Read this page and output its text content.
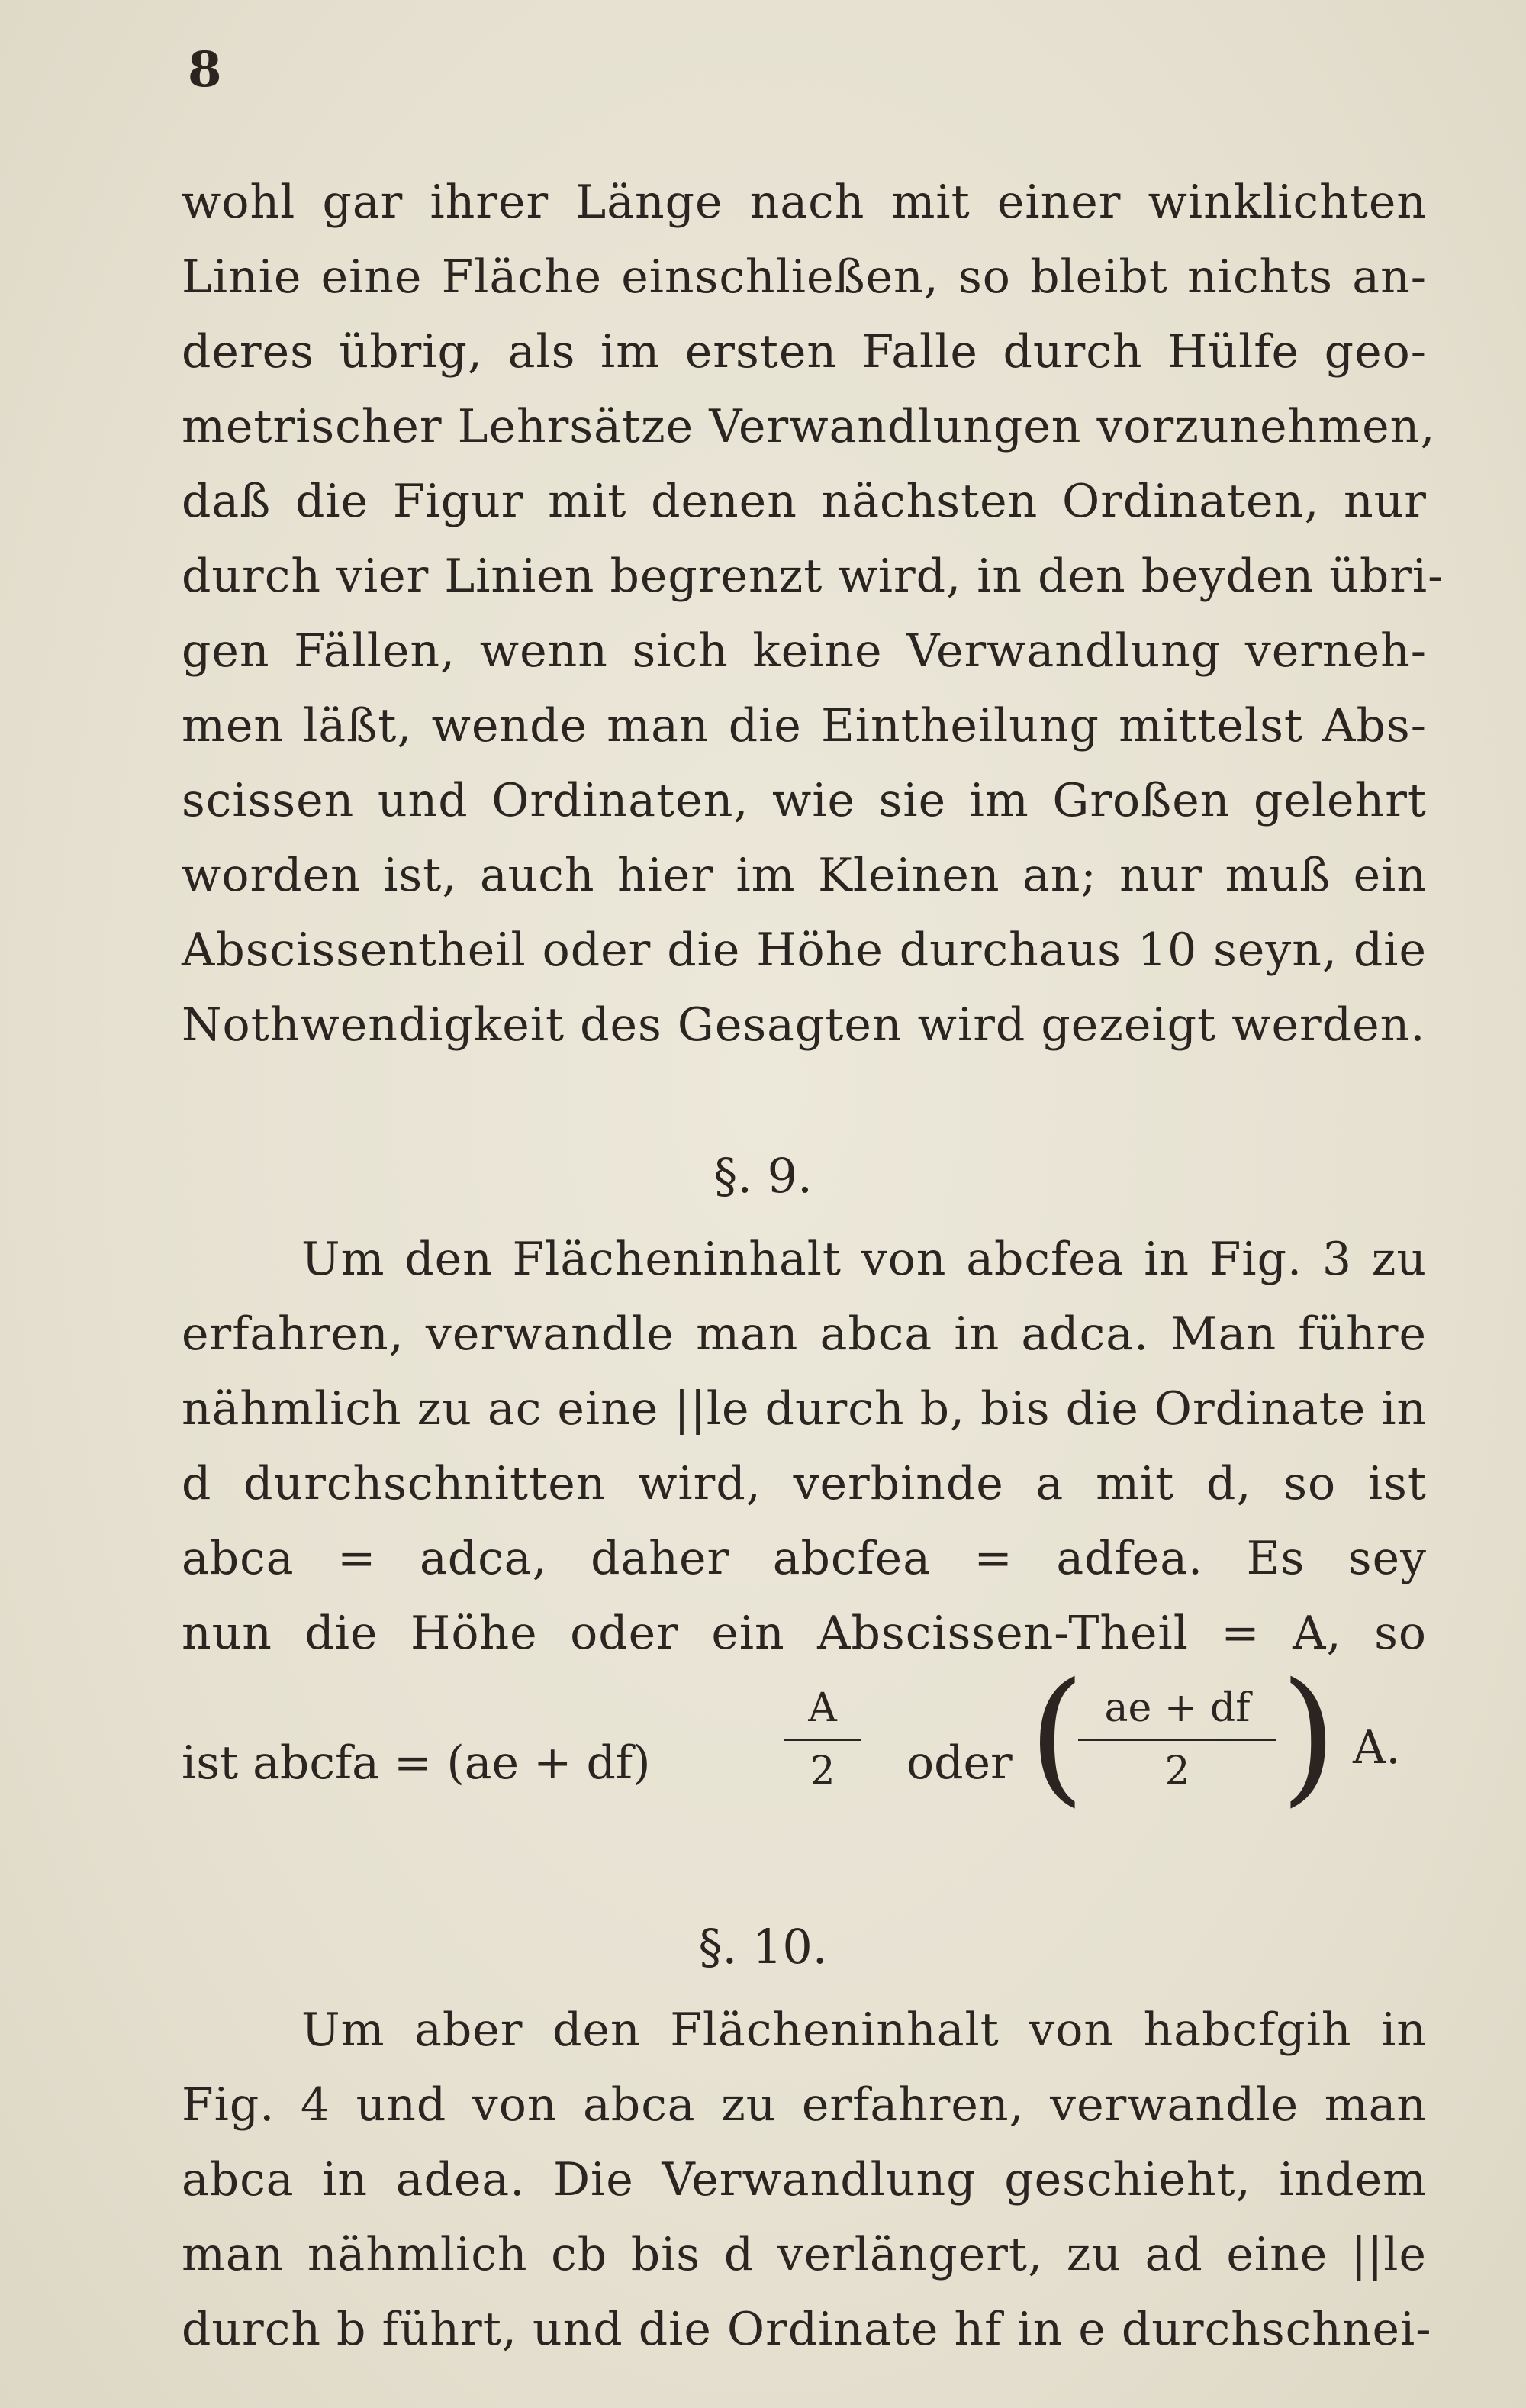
8
wohl gar ihrer Länge nach mit einer winklichten
Linie eine Fläche einschließen, so bleibt nichts an-
deres übrig, als im ersten Falle durch Hülfe geo-
metrischer Lehrsätze Verwandlungen vorzunehmen,
daß die Figur mit denen nächsten Ordinaten, nur
durch vier Linien begrenzt wird, in den beyden übri-
gen Fällen, wenn sich keine Verwandlung verneh-
men läßt, wende man die Eintheilung mittelst Abs-
scissen und Ordinaten, wie sie im Großen gelehrt
worden ist, auch hier im Kleinen an; nur muß ein
Abscissentheil oder die Höhe durchaus 10 seyn, die
Nothwendigkeit des Gesagten wird gezeigt werden.
§. 9.
Um den Flächeninhalt von abcfea in Fig. 3 zu
erfahren, verwandle man abca in adca. Man führe
nähmlich zu ac eine ||le durch b, bis die Ordinate in
d durchschnitten wird, verbinde a mit d, so ist
abca = adca, daher abcfea = adfea. Es sey
nun die Höhe oder ein Abscissen-Theil = A, so
ist abcfa = (ae + df)
A
2	oder ( ae + df
2 ) A.
§. 10.
Um aber den Flächeninhalt von habcfgih in
Fig. 4 und von abca zu erfahren, verwandle man
abca in adea. Die Verwandlung geschieht, indem
man nähmlich cb bis d verlängert, zu ad eine ||le
durch b führt, und die Ordinate hf in e durchschnei-
